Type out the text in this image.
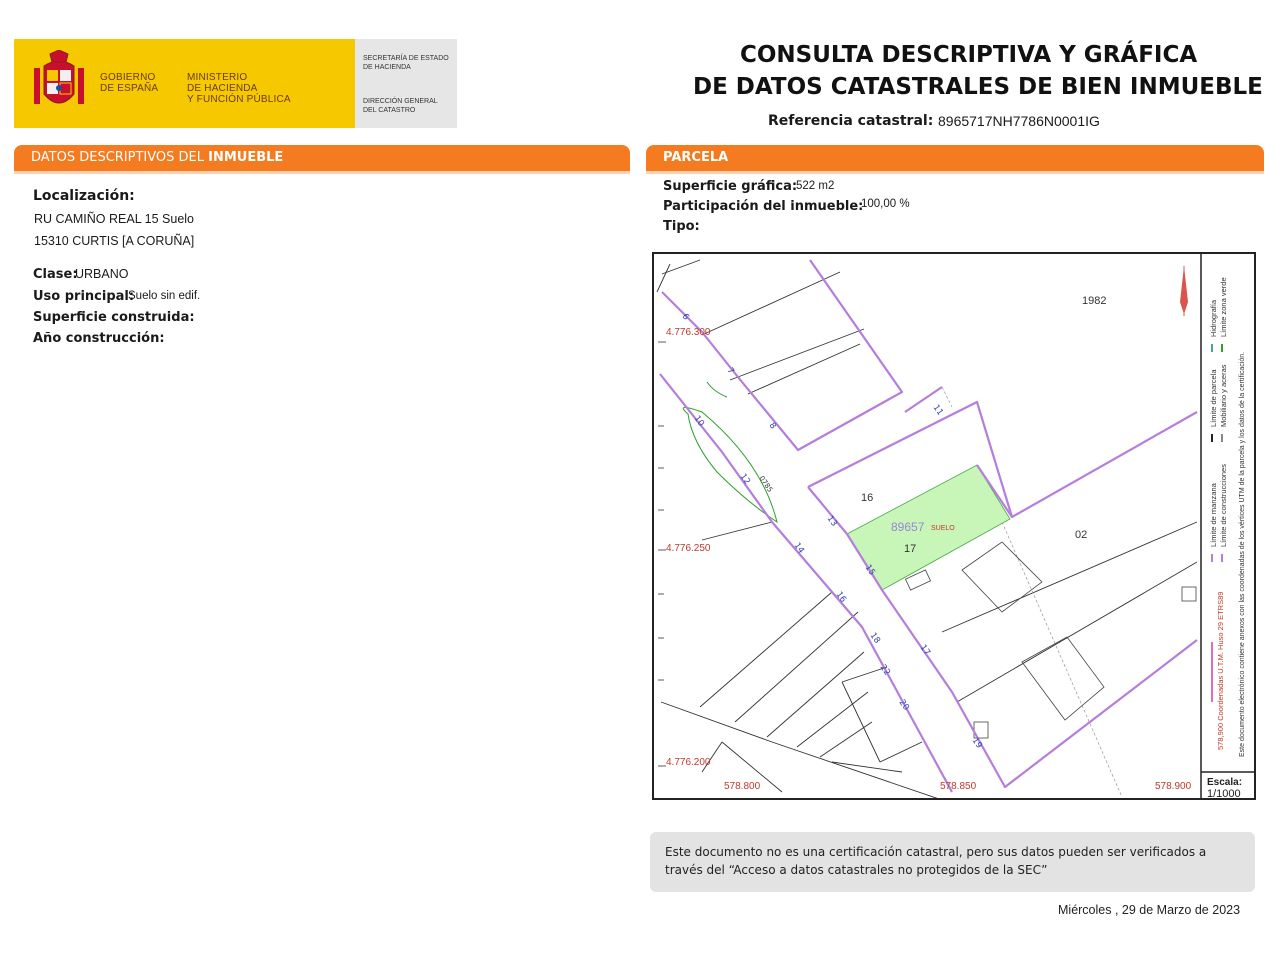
GOBIERNO
DE ESPAÑA
MINISTERIO
DE HACIENDA
Y FUNCIÓN PÚBLICA
SECRETARÍA DE ESTADO
DE HACIENDA
DIRECCIÓN GENERAL
DEL CATASTRO
CONSULTA DESCRIPTIVA Y GRÁFICA
DE DATOS CATASTRALES DE BIEN INMUEBLE
Referencia catastral: 8965717NH7786N0001IG
DATOS DESCRIPTIVOS DEL INMUEBLE
Localización:
RU CAMIÑO REAL 15 Suelo
15310 CURTIS [A CORUÑA]
Clase:
URBANO
Uso principal:
Suelo sin edif.
Superficie construida:
Año construcción:
PARCELA
Superficie gráfica:
522 m2
Participación del inmueble:
100,00 %
Tipo:
6
7
8
10
11
12
13
14
15
16
17
18
19
20
22
0785
1982
16
17
02
89657 SUELO
4.776.300
4.776.250
4.776.200
578.800	578.850	578.900
Límite de manzana
Límite de parcela
Hidrografía
Límite de construcciones
Mobiliario y aceras
Límite zona verde
578,900 Coordenadas U.T.M. Huso 29 ETRS89 Este documento electrónico contiene anexos con las coordenadas de los vértices UTM de la parcela y los datos de la certificación.
Escala:
1/1000
Este documento no es una certificación catastral, pero sus datos pueden ser verificados a
través del “Acceso a datos catastrales no protegidos de la SEC”
Miércoles , 29 de Marzo de 2023
